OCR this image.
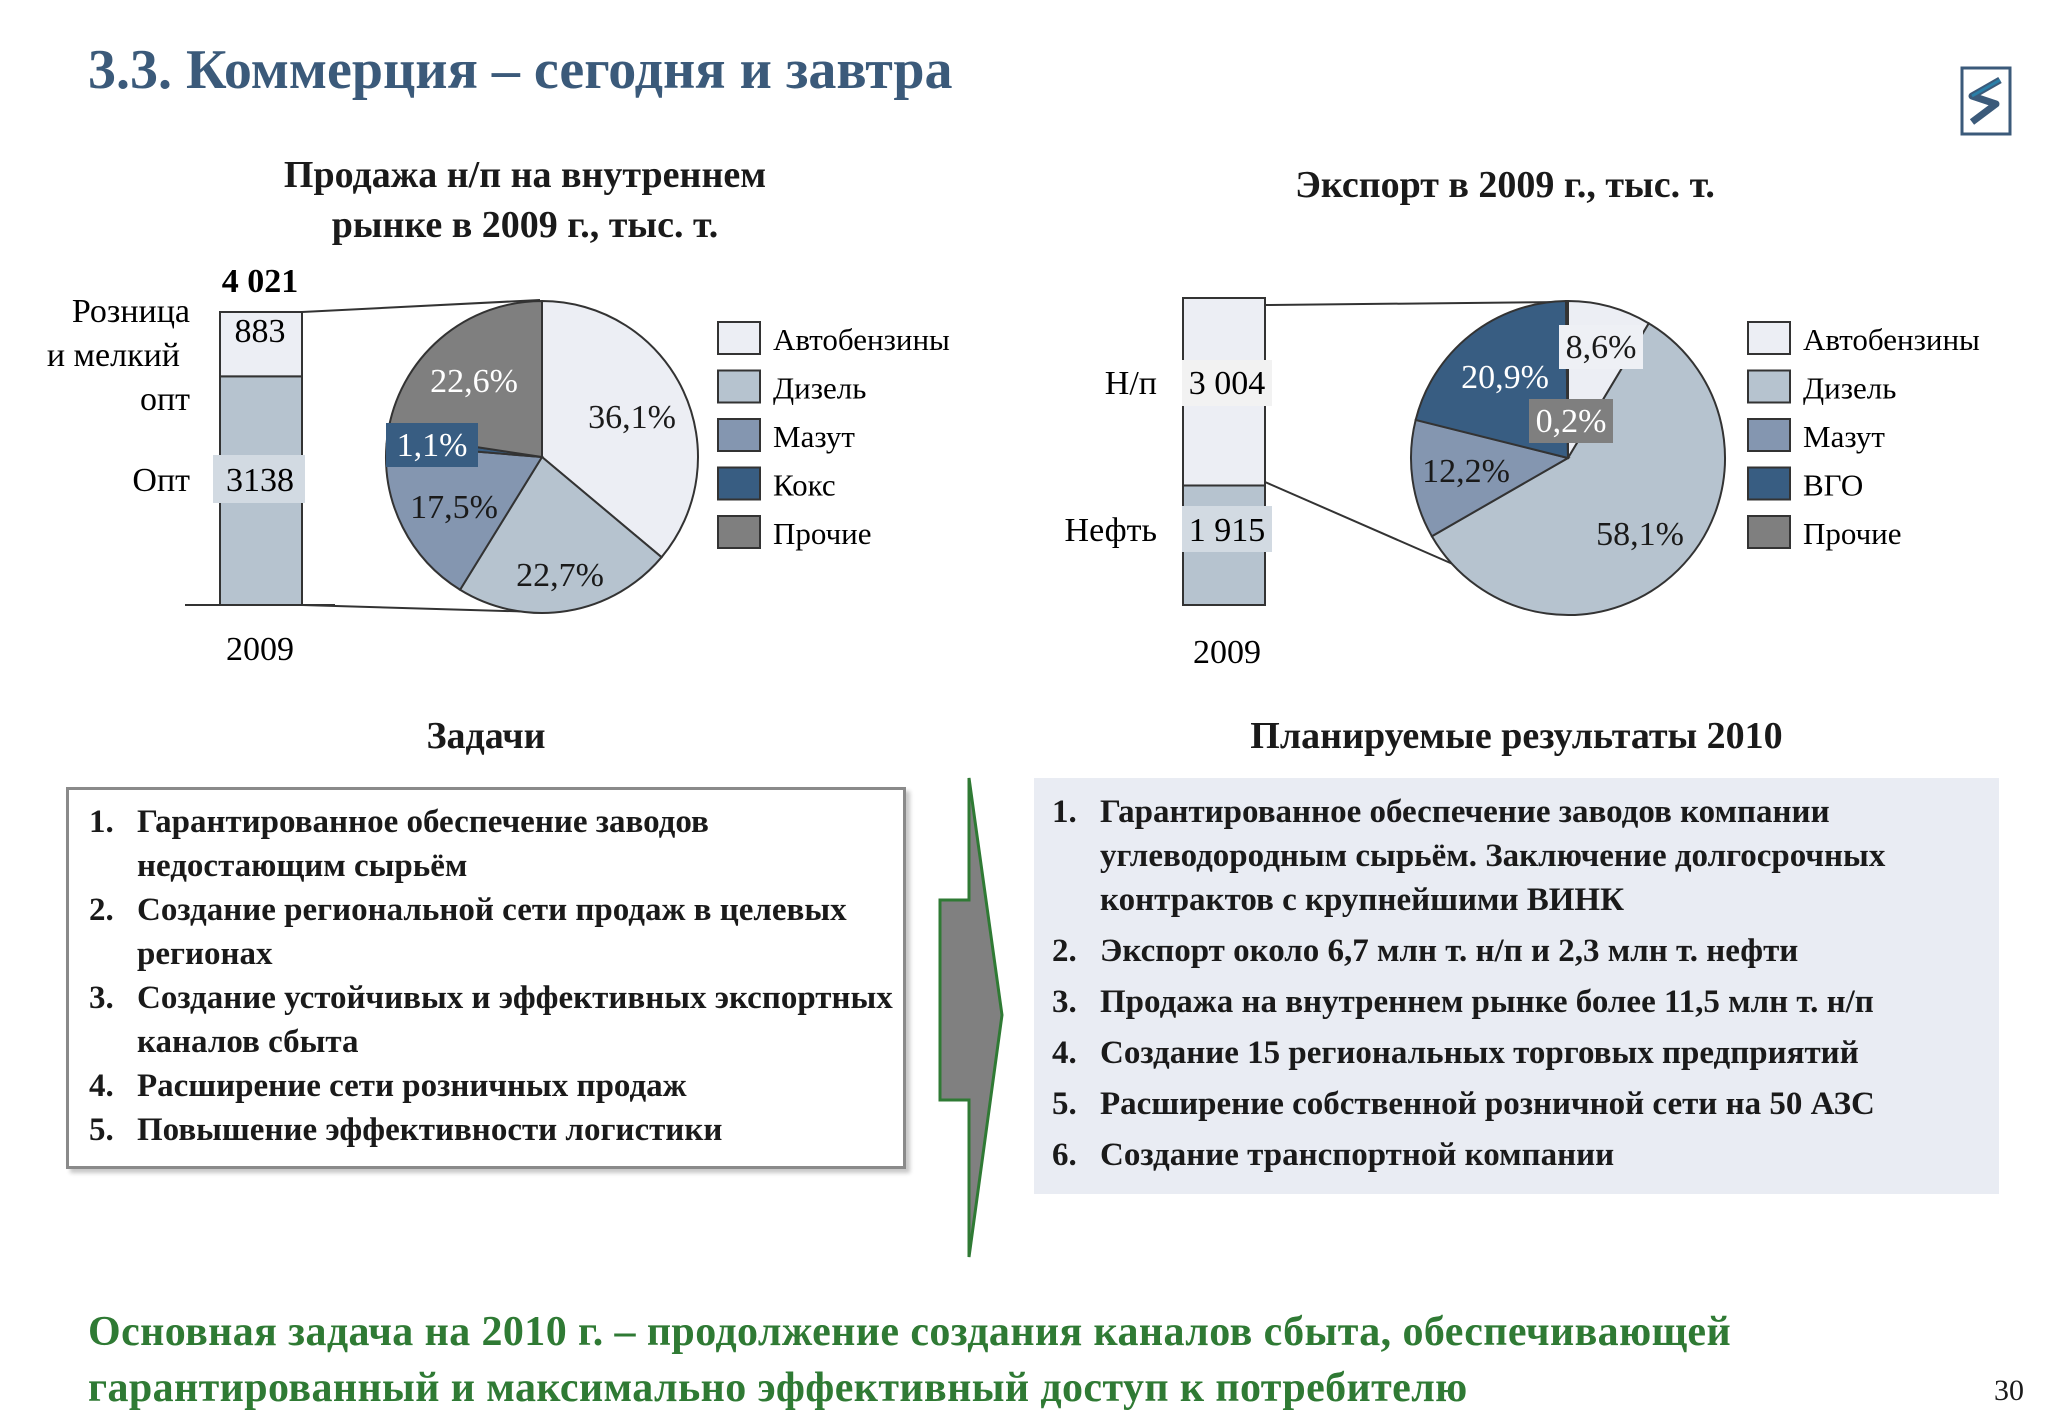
3.3. Коммерция – сегодня и завтра
Продажа н/п на внутреннем
рынке в 2009 г., тыс. т.
Экспорт в 2009 г., тыс. т.
3138
883
4 021
Розница
и мелкий
опт
Опт
2009
36,1%
22,7%
17,5%
1,1%
22,6%
Автобензины
Дизель
Мазут
Кокс
Прочие
3 004
1 915
Н/п
Нефть
2009
8,6%
58,1%
12,2%
20,9%
0,2%
Автобензины
Дизель
Мазут
ВГО
Прочие
Задачи	Планируемые результаты 2010
1. Гарантированное обеспечение заводов недостающим сырьём
2. Создание региональной сети продаж в целевых регионах
3. Создание устойчивых и эффективных экспортных каналов сбыта
4. Расширение сети розничных продаж
5. Повышение эффективности логистики
1. Гарантированное обеспечение заводов компании углеводородным сырьём. Заключение долгосрочных контрактов с крупнейшими ВИНК
2. Экспорт около 6,7 млн т. н/п и 2,3 млн т. нефти
3. Продажа на внутреннем рынке более 11,5 млн т. н/п
4. Создание 15 региональных торговых предприятий
5. Расширение собственной розничной сети на 50 АЗС
6. Создание транспортной компании
Основная задача на 2010 г. – продолжение создания каналов сбыта, обеспечивающей
гарантированный и максимально эффективный доступ к потребителю	30
